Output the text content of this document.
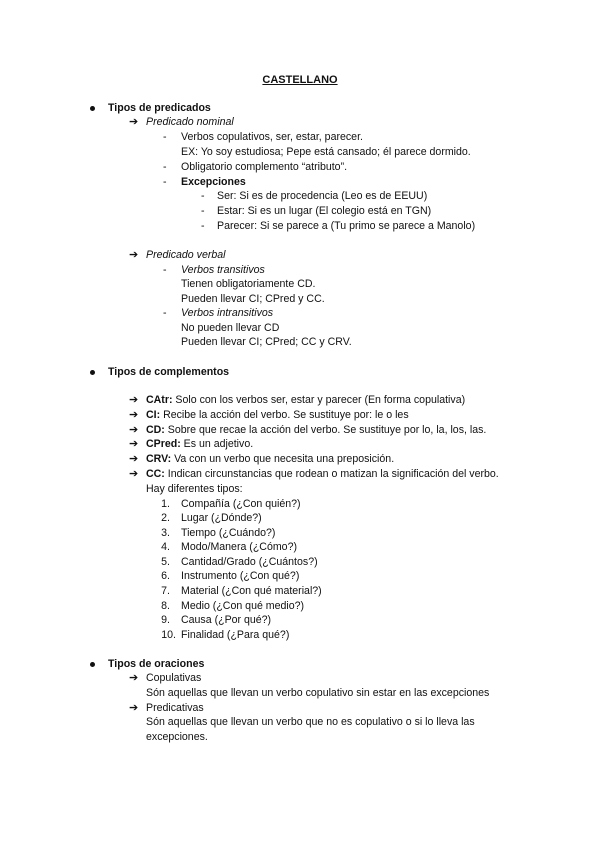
CASTELLANO
Tipos de predicados
➔ Predicado nominal
- Verbos copulativos, ser, estar, parecer.
EX: Yo soy estudiosa; Pepe está cansado; él parece dormido.
- Obligatorio complemento “atributo”.
- Excepciones
- Ser: Si es de procedencia (Leo es de EEUU)
- Estar: Si es un lugar (El colegio está en TGN)
- Parecer: Si se parece a (Tu primo se parece a Manolo)
➔ Predicado verbal
- Verbos transitivos
Tienen obligatoriamente CD.
Pueden llevar CI; CPred y CC.
- Verbos intransitivos
No pueden llevar CD
Pueden llevar CI; CPred; CC y CRV.
Tipos de complementos
➔ CAtr: Solo con los verbos ser, estar y parecer (En forma copulativa)
➔ CI: Recibe la acción del verbo. Se sustituye por: le o les
➔ CD: Sobre que recae la acción del verbo. Se sustituye por lo, la, los, las.
➔ CPred: Es un adjetivo.
➔ CRV: Va con un verbo que necesita una preposición.
➔ CC: Indican circunstancias que rodean o matizan la significación del verbo.
Hay diferentes tipos:
1. Compañía (¿Con quién?)
2. Lugar (¿Dónde?)
3. Tiempo (¿Cuándo?)
4. Modo/Manera (¿Cómo?)
5. Cantidad/Grado (¿Cuántos?)
6. Instrumento (¿Con qué?)
7. Material (¿Con qué material?)
8. Medio (¿Con qué medio?)
9. Causa (¿Por qué?)
10. Finalidad (¿Para qué?)
Tipos de oraciones
➔ Copulativas
Són aquellas que llevan un verbo copulativo sin estar en las excepciones
➔ Predicativas
Són aquellas que llevan un verbo que no es copulativo o si lo lleva las
excepciones.
